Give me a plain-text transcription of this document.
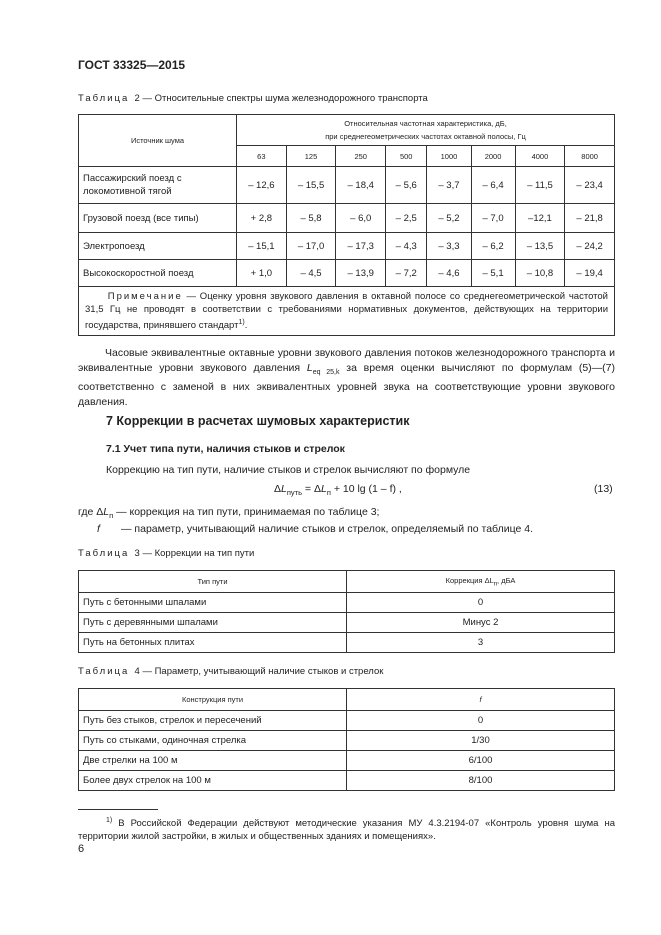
ГОСТ 33325—2015
Таблица 2 — Относительные спектры шума железнодорожного транспорта
Источник шума	Относительная частотная характеристика, дБ,
при среднегеометрических частотах октавной полосы, Гц							

	63	125	250	500	1000	2000	4000	8000
Пассажирский поезд с локомотивной тягой	– 12,6	– 15,5	– 18,4	– 5,6	– 3,7	– 6,4	– 11,5	– 23,4
Грузовой поезд (все типы)	+ 2,8	– 5,8	– 6,0	– 2,5	– 5,2	– 7,0	–12,1	– 21,8
Электропоезд	– 15,1	– 17,0	– 17,3	– 4,3	– 3,3	– 6,2	– 13,5	– 24,2
Высокоскоростной поезд	+ 1,0	– 4,5	– 13,9	– 7,2	– 4,6	– 5,1	– 10,8	– 19,4
Примечание — Оценку уровня звукового давления в октавной полосе со среднегеометрической частотой 31,5 Гц не проводят в соответствии с требованиями нормативных документов, действующих на территории государства, принявшего стандарт$^{1)}$.								
Часовые эквивалентные октавные уровни звукового давления потоков железнодорожного транспорта и эквивалентные уровни звукового давления $L_{eq 25,k}$ за время оценки вычисляют по формулам (5)—(7) соответственно с заменой в них эквивалентных уровней звука на соответствующие уровни звукового давления.
7 Коррекции в расчетах шумовых характеристик
7.1 Учет типа пути, наличия стыков и стрелок
Коррекцию на тип пути, наличие стыков и стрелок вычисляют по формуле
$\Delta L_{путь} = \Delta L_п + 10$ lg (1 – f) ,	(13)
где $\Delta L_п$ — коррекция на тип пути, принимаемая по таблице 3;
f — параметр, учитывающий наличие стыков и стрелок, определяемый по таблице 4.
Таблица 3 — Коррекции на тип пути
Тип пути	Коррекция $\Delta L_п$, дБА
Путь с бетонными шпалами	0
Путь с деревянными шпалами	Минус 2
Путь на бетонных плитах	3
Таблица 4 — Параметр, учитывающий наличие стыков и стрелок
Конструкция пути	f
Путь без стыков, стрелок и пересечений	0
Путь со стыками, одиночная стрелка	1/30
Две стрелки на 100 м	6/100
Более двух стрелок на 100 м	8/100
$^{1)}$ В Российской Федерации действуют методические указания МУ 4.3.2194-07 «Контроль уровня шума на территории жилой застройки, в жилых и общественных зданиях и помещениях».
6
